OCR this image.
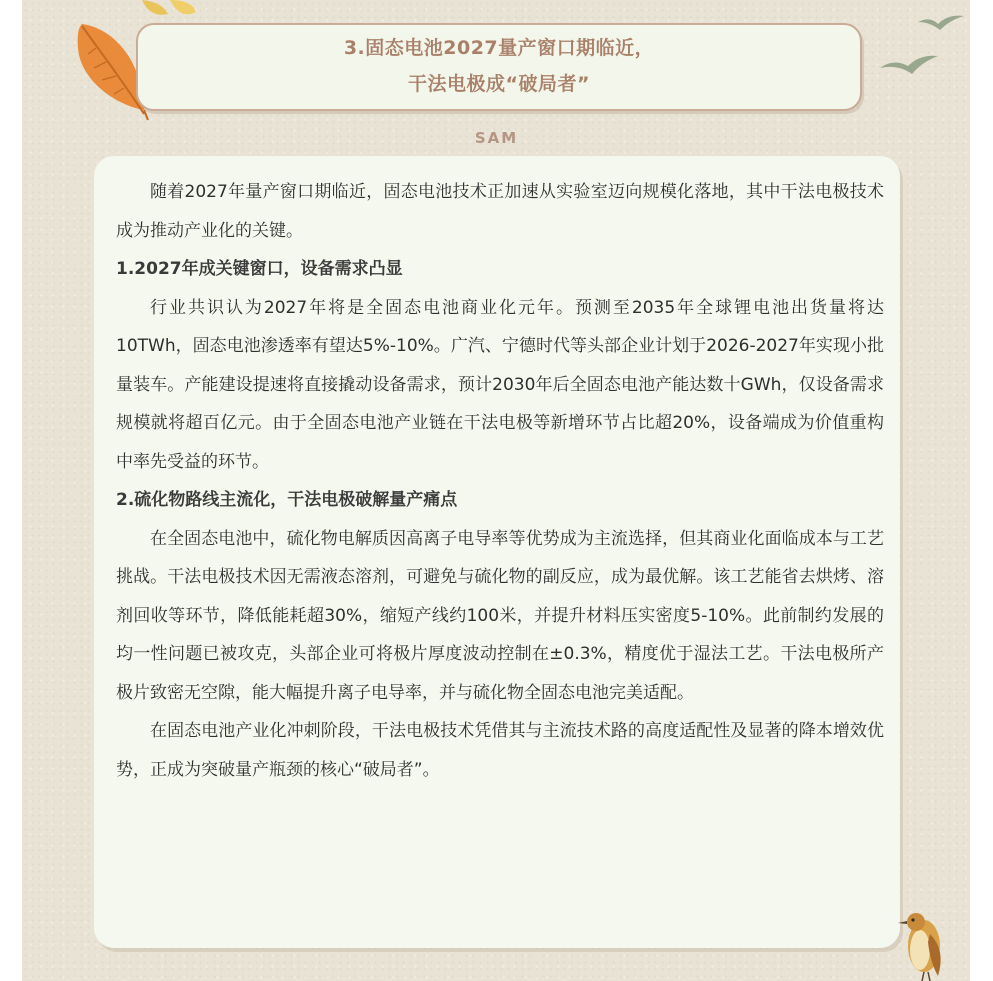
3.固态电池2027量产窗口期临近，
干法电极成“破局者”
SAM

随着2027年量产窗口期临近，固态电池技术正加速从实验室迈向规模化落地，其中干法电极技术成为推动产业化的关键。

1.2027年成关键窗口，设备需求凸显

行业共识认为2027年将是全固态电池商业化元年。预测至2035年全球锂电池出货量将达10TWh，固态电池渗透率有望达5%-10%。广汽、宁德时代等头部企业计划于2026-2027年实现小批量装车。产能建设提速将直接撬动设备需求，预计2030年后全固态电池产能达数十GWh，仅设备需求规模就将超百亿元。由于全固态电池产业链在干法电极等新增环节占比超20%，设备端成为价值重构中率先受益的环节。

2.硫化物路线主流化，干法电极破解量产痛点

在全固态电池中，硫化物电解质因高离子电导率等优势成为主流选择，但其商业化面临成本与工艺挑战。干法电极技术因无需液态溶剂，可避免与硫化物的副反应，成为最优解。该工艺能省去烘烤、溶剂回收等环节，降低能耗超30%，缩短产线约100米，并提升材料压实密度5-10%。此前制约发展的均一性问题已被攻克，头部企业可将极片厚度波动控制在±0.3%，精度优于湿法工艺。干法电极所产极片致密无空隙，能大幅提升离子电导率，并与硫化物全固态电池完美适配。

在固态电池产业化冲刺阶段，干法电极技术凭借其与主流技术路的高度适配性及显著的降本增效优势，正成为突破量产瓶颈的核心“破局者”。
